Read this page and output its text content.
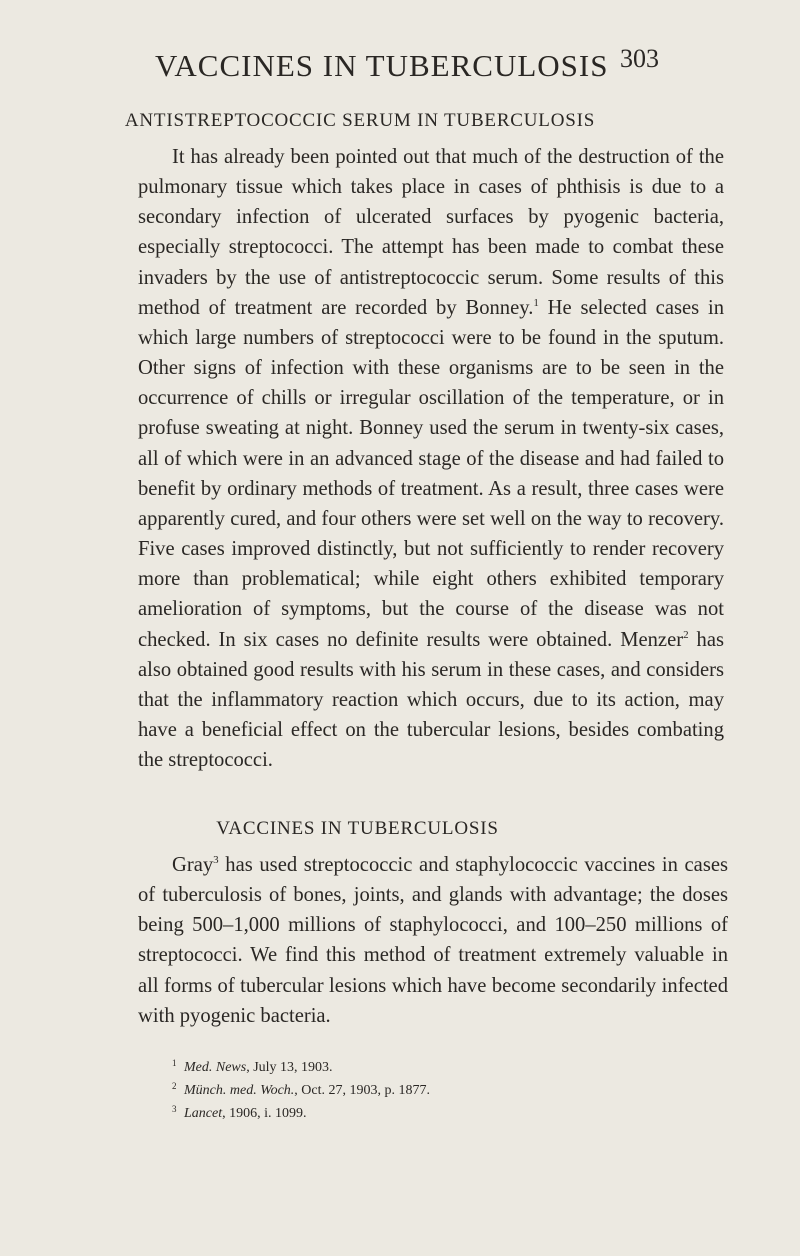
VACCINES IN TUBERCULOSIS 303
ANTISTREPTOCOCCIC SERUM IN TUBERCULOSIS

It has already been pointed out that much of the destruction of the pulmonary tissue which takes place in cases of phthisis is due to a secondary infection of ulcerated surfaces by pyogenic bacteria, especially streptococci. The attempt has been made to combat these invaders by the use of antistreptococcic serum. Some results of this method of treatment are recorded by Bonney.$^1$ He selected cases in which large numbers of streptococci were to be found in the sputum. Other signs of infection with these organisms are to be seen in the occurrence of chills or irregular oscillation of the temperature, or in profuse sweating at night. Bonney used the serum in twenty-six cases, all of which were in an advanced stage of the disease and had failed to benefit by ordinary methods of treatment. As a result, three cases were apparently cured, and four others were set well on the way to recovery. Five cases improved distinctly, but not sufficiently to render recovery more than problematical; while eight others exhibited temporary amelioration of symptoms, but the course of the disease was not checked. In six cases no definite results were obtained. Menzer$^2$ has also obtained good results with his serum in these cases, and considers that the inflammatory reaction which occurs, due to its action, may have a beneficial effect on the tubercular lesions, besides combating the streptococci.

VACCINES IN TUBERCULOSIS

Gray$^3$ has used streptococcic and staphylococcic vaccines in cases of tuberculosis of bones, joints, and glands with advantage; the doses being 500–1,000 millions of staphylococci, and 100–250 millions of streptococci. We find this method of treatment extremely valuable in all forms of tubercular lesions which have become secondarily infected with pyogenic bacteria.

1 Med. News, July 13, 1903.
2 Münch. med. Woch., Oct. 27, 1903, p. 1877.
3 Lancet, 1906, i. 1099.
